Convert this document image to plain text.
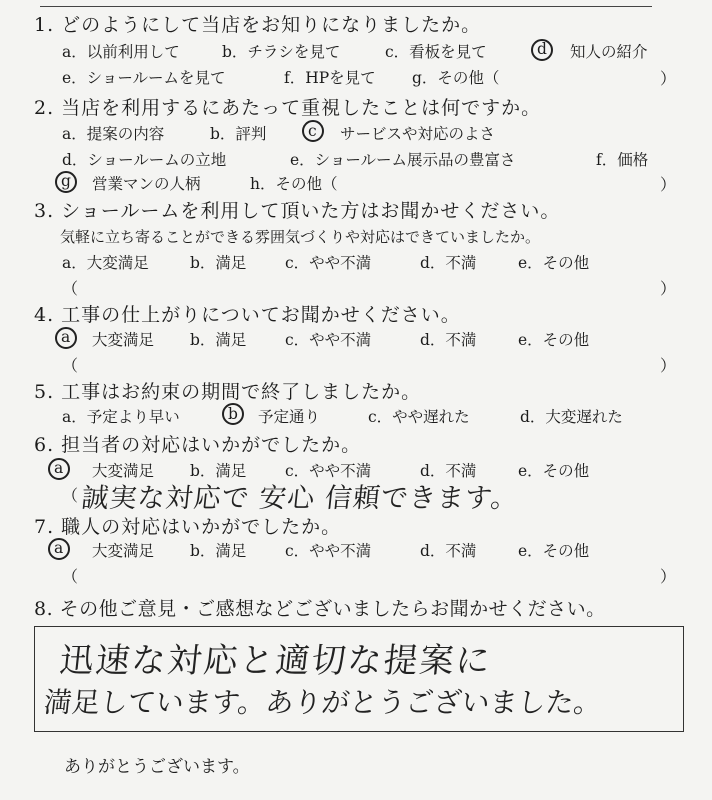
1. どのようにして当店をお知りになりましたか。
a．以前利用して	b．チラシを見て	c．看板を見て	d 知人の紹介
e．ショールームを見て	f．HPを見て g．その他（	）
2. 当店を利用するにあたって重視したことは何ですか。
a．提案の内容	b．評判	c サービスや対応のよさ
d．ショールームの立地	e．ショールーム展示品の豊富さ	f．価格
g 営業マンの人柄	h．その他（	）
3. ショールームを利用して頂いた方はお聞かせください。
気軽に立ち寄ることができる雰囲気づくりや対応はできていましたか。
a．大変満足	b．満足 c．やや不満	d．不満	e．その他
（	）
4. 工事の仕上がりについてお聞かせください。
a 大変満足 b．満足 c．やや不満	d．不満	e．その他
（	）
5. 工事はお約束の期間で終了しましたか。
a．予定より早い	b 予定通り	c．やや遅れた	d．大変遅れた
6. 担当者の対応はいかがでしたか。
a 大変満足 b．満足 c．やや不満	d．不満	e．その他
（ 誠実な対応で 安心 信頼できます。
7. 職人の対応はいかがでしたか。
a 大変満足 b．満足 c．やや不満	d．不満	e．その他
（	）
8. その他ご意見・ご感想などございましたらお聞かせください。
迅速な対応と適切な提案に
満足しています。ありがとうございました。
ありがとうございます。
